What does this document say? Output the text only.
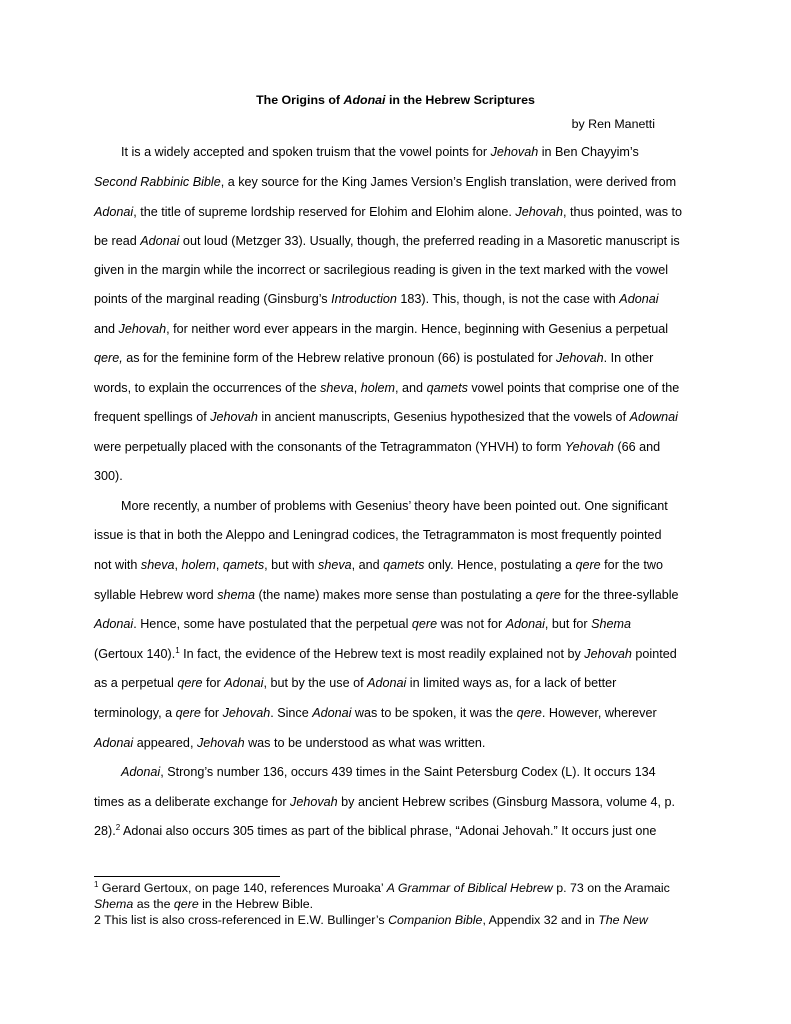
The Origins of Adonai in the Hebrew Scriptures
by Ren Manetti
It is a widely accepted and spoken truism that the vowel points for Jehovah in Ben Chayyim’s
Second Rabbinic Bible, a key source for the King James Version’s English translation, were derived from
Adonai, the title of supreme lordship reserved for Elohim and Elohim alone. Jehovah, thus pointed, was to
be read Adonai out loud (Metzger 33). Usually, though, the preferred reading in a Masoretic manuscript is
given in the margin while the incorrect or sacrilegious reading is given in the text marked with the vowel
points of the marginal reading (Ginsburg’s Introduction 183). This, though, is not the case with Adonai
and Jehovah, for neither word ever appears in the margin. Hence, beginning with Gesenius a perpetual
qere, as for the feminine form of the Hebrew relative pronoun (66) is postulated for Jehovah. In other
words, to explain the occurrences of the sheva, holem, and qamets vowel points that comprise one of the
frequent spellings of Jehovah in ancient manuscripts, Gesenius hypothesized that the vowels of Adownai
were perpetually placed with the consonants of the Tetragrammaton (YHVH) to form Yehovah (66 and
300).
More recently, a number of problems with Gesenius’ theory have been pointed out. One significant
issue is that in both the Aleppo and Leningrad codices, the Tetragrammaton is most frequently pointed
not with sheva, holem, qamets, but with sheva, and qamets only. Hence, postulating a qere for the two
syllable Hebrew word shema (the name) makes more sense than postulating a qere for the three-syllable
Adonai. Hence, some have postulated that the perpetual qere was not for Adonai, but for Shema
(Gertoux 140).$^1$ In fact, the evidence of the Hebrew text is most readily explained not by Jehovah pointed
as a perpetual qere for Adonai, but by the use of Adonai in limited ways as, for a lack of better
terminology, a qere for Jehovah. Since Adonai was to be spoken, it was the qere. However, wherever
Adonai appeared, Jehovah was to be understood as what was written.
Adonai, Strong’s number 136, occurs 439 times in the Saint Petersburg Codex (L). It occurs 134
times as a deliberate exchange for Jehovah by ancient Hebrew scribes (Ginsburg Massora, volume 4, p.
28).$^2$ Adonai also occurs 305 times as part of the biblical phrase, “Adonai Jehovah.” It occurs just one
$^1$ Gerard Gertoux, on page 140, references Muroaka’ A Grammar of Biblical Hebrew p. 73 on the Aramaic
Shema as the qere in the Hebrew Bible.
2 This list is also cross-referenced in E.W. Bullinger’s Companion Bible, Appendix 32 and in The New
